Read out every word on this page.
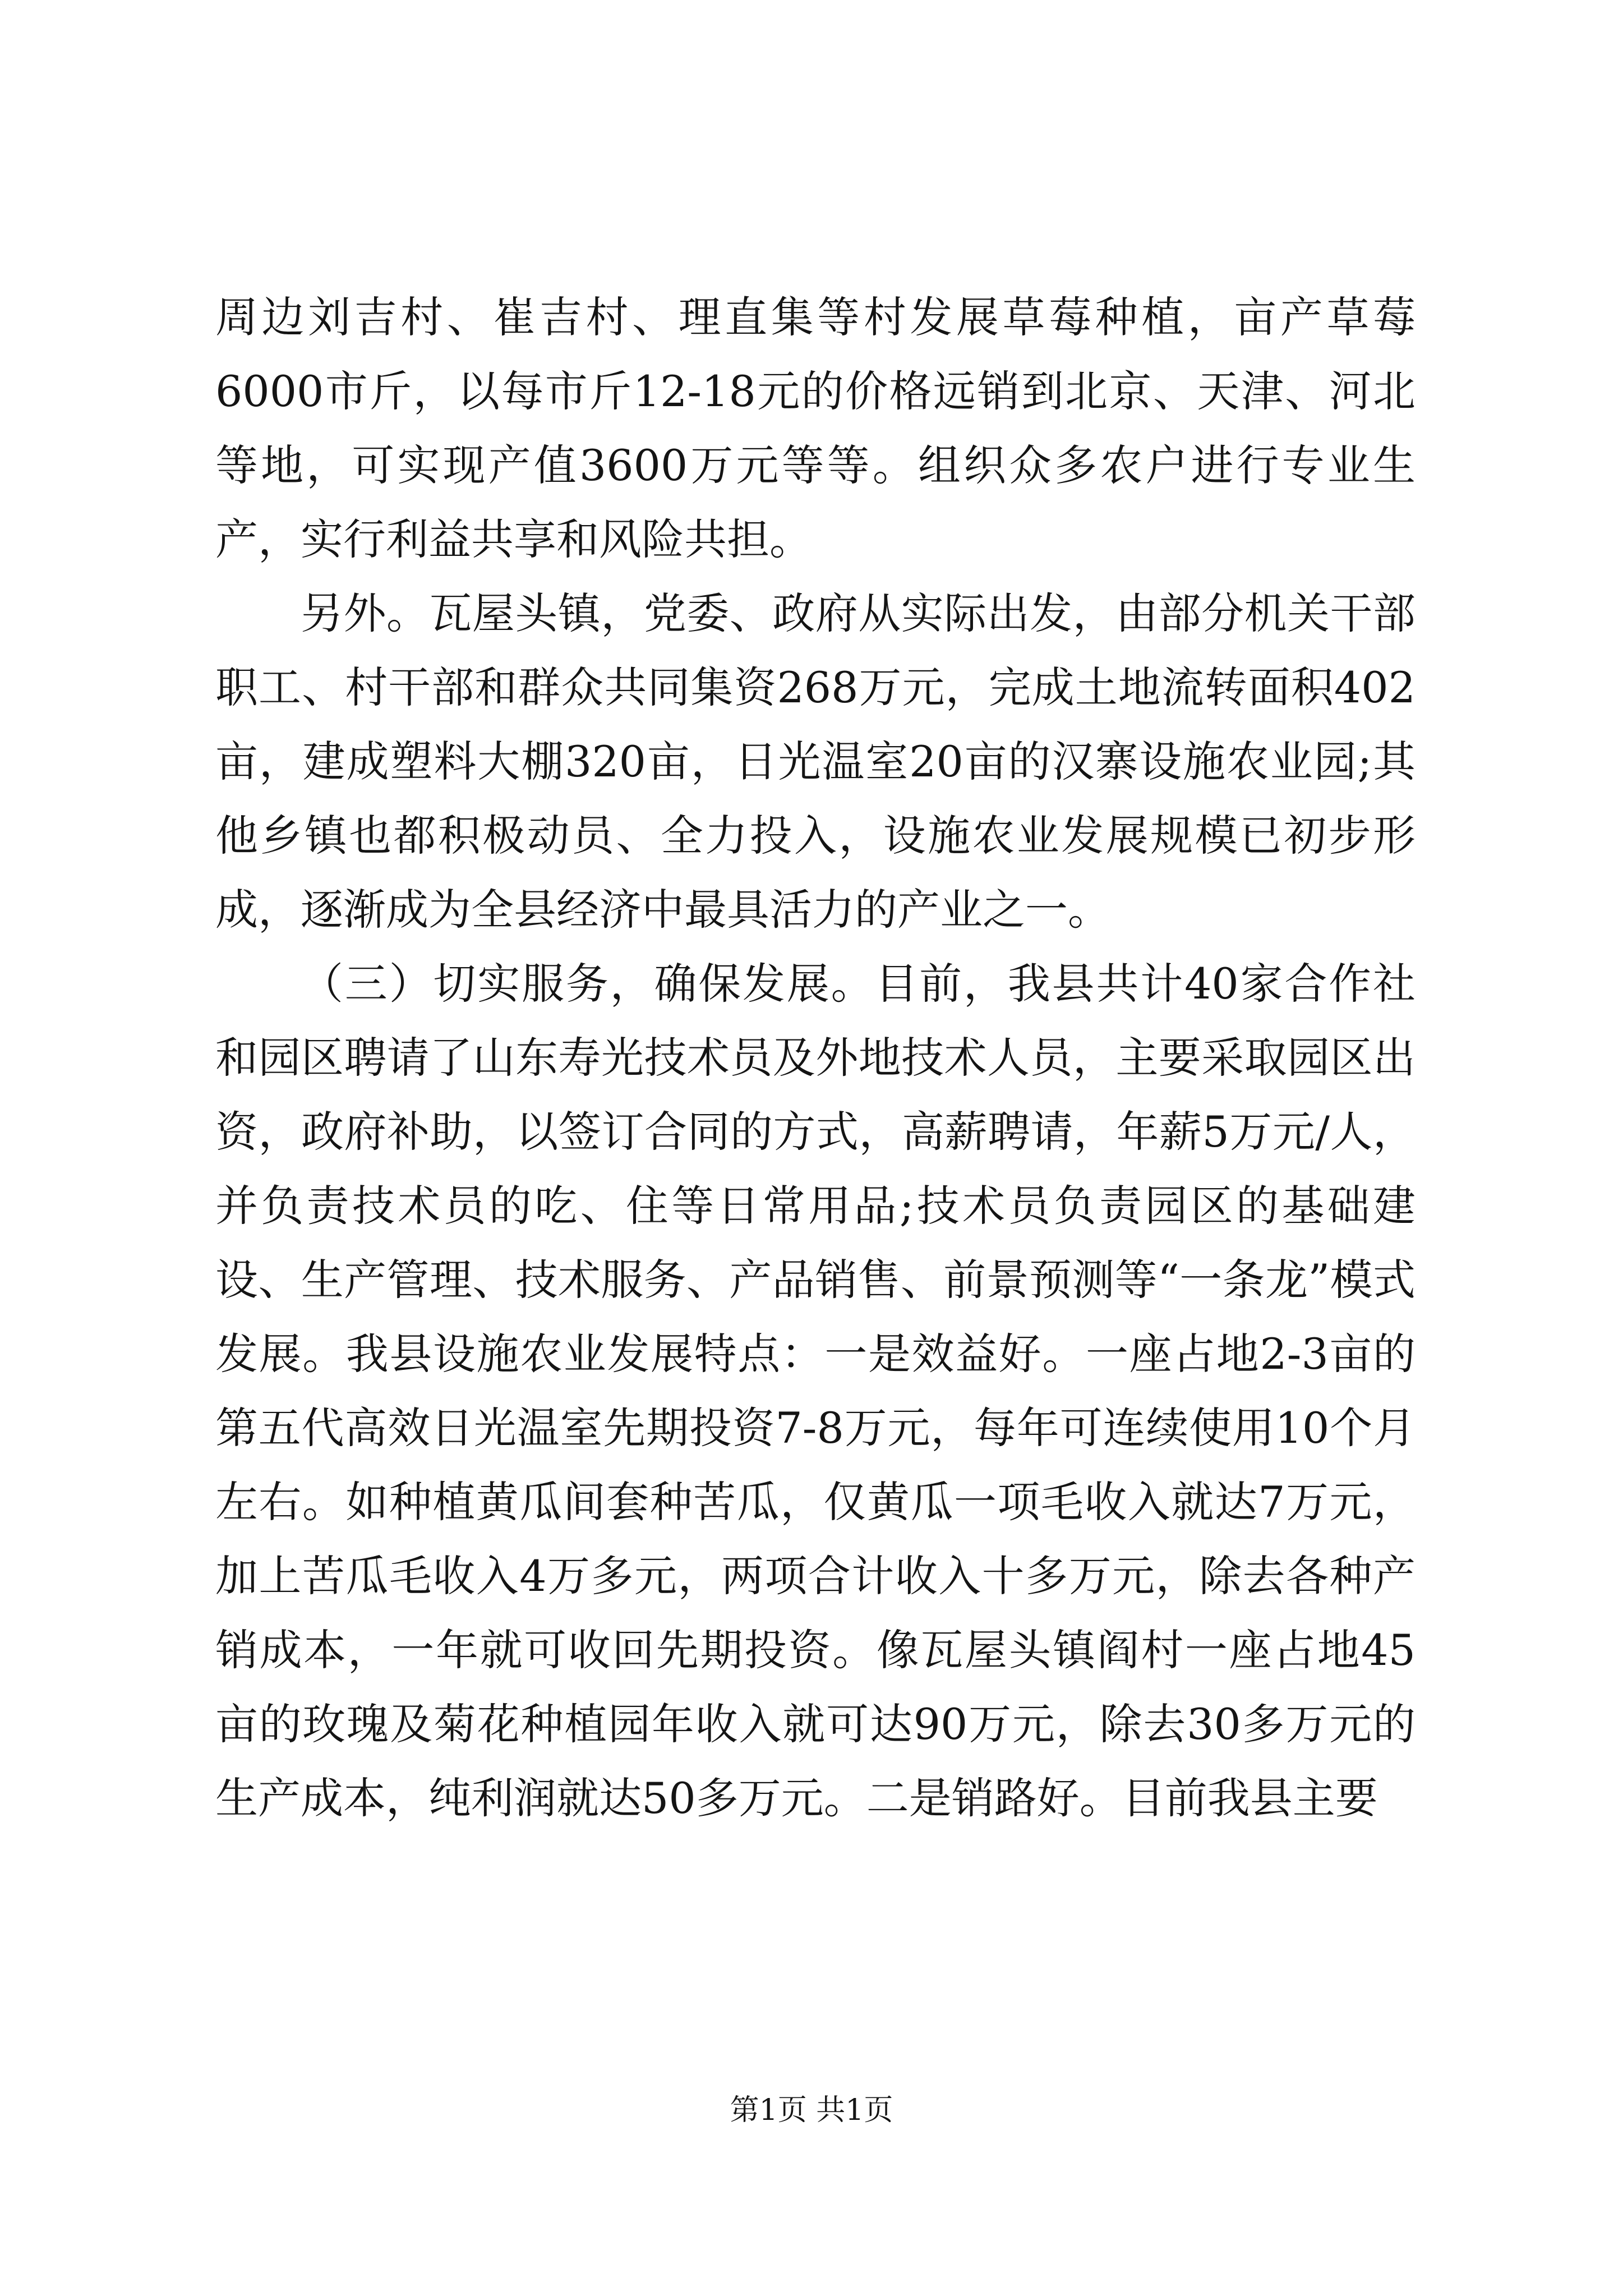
周边刘吉村、崔吉村、理直集等村发展草莓种植，亩产草莓6000市斤，以每市斤12-18元的价格远销到北京、天津、河北等地，可实现产值3600万元等等。组织众多农户进行专业生产，实行利益共享和风险共担。

另外。瓦屋头镇，党委、政府从实际出发，由部分机关干部职工、村干部和群众共同集资268万元，完成土地流转面积402亩，建成塑料大棚320亩，日光温室20亩的汉寨设施农业园;其他乡镇也都积极动员、全力投入，设施农业发展规模已初步形成，逐渐成为全县经济中最具活力的产业之一。

（三）切实服务，确保发展。目前，我县共计40家合作社和园区聘请了山东寿光技术员及外地技术人员，主要采取园区出资，政府补助，以签订合同的方式，高薪聘请，年薪5万元/人，并负责技术员的吃、住等日常用品;技术员负责园区的基础建设、生产管理、技术服务、产品销售、前景预测等“一条龙”模式发展。我县设施农业发展特点：一是效益好。一座占地2-3亩的第五代高效日光温室先期投资7-8万元，每年可连续使用10个月左右。如种植黄瓜间套种苦瓜，仅黄瓜一项毛收入就达7万元，加上苦瓜毛收入4万多元，两项合计收入十多万元，除去各种产销成本，一年就可收回先期投资。像瓦屋头镇阎村一座占地45亩的玫瑰及菊花种植园年收入就可达90万元，除去30多万元的生产成本，纯利润就达50多万元。二是销路好。目前我县主要

第1页 共1页
